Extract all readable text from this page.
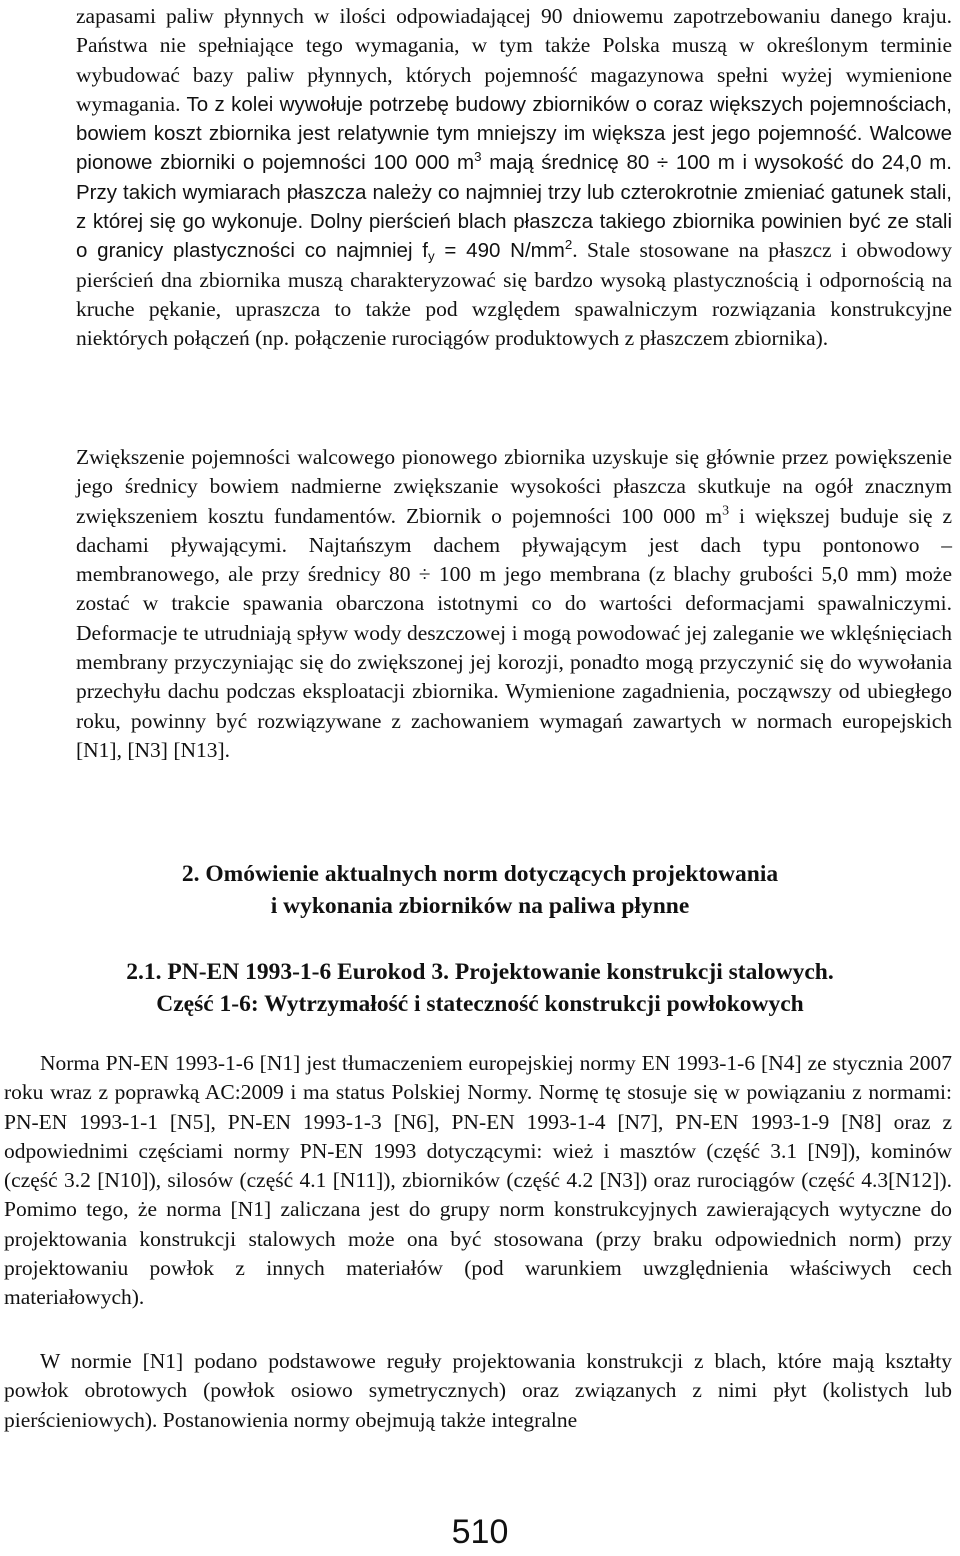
zapasami paliw płynnych w ilości odpowiadającej 90 dniowemu zapotrzebowaniu danego kraju. Państwa nie spełniające tego wymagania, w tym także Polska muszą w określonym terminie wybudować bazy paliw płynnych, których pojemność magazynowa spełni wyżej wymienione wymagania. To z kolei wywołuje potrzebę budowy zbiorników o coraz większych pojemnościach, bowiem koszt zbiornika jest relatywnie tym mniejszy im większa jest jego pojemność. Walcowe pionowe zbiorniki o pojemności 100 000 $m^3$ mają średnicę 80 ÷ 100 m i wysokość do 24,0 m. Przy takich wymiarach płaszcza należy co najmniej trzy lub czterokrotnie zmieniać gatunek stali, z której się go wykonuje. Dolny pierścień blach płaszcza takiego zbiornika powinien być ze stali o granicy plastyczności co najmniej $f_y = 490$ $N/mm^2$. Stale stosowane na płaszcz i obwodowy pierścień dna zbiornika muszą charakteryzować się bardzo wysoką plastycznością i odpornością na kruche pękanie, upraszcza to także pod względem spawalniczym rozwiązania konstrukcyjne niektórych połączeń (np. połączenie rurociągów produktowych z płaszczem zbiornika).

Zwiększenie pojemności walcowego pionowego zbiornika uzyskuje się głównie przez powiększenie jego średnicy bowiem nadmierne zwiększanie wysokości płaszcza skutkuje na ogół znacznym zwiększeniem kosztu fundamentów. Zbiornik o pojemności 100 000 $m^3$ i większej buduje się z dachami pływającymi. Najtańszym dachem pływającym jest dach typu pontonowo – membranowego, ale przy średnicy 80 ÷ 100 m jego membrana (z blachy grubości 5,0 mm) może zostać w trakcie spawania obarczona istotnymi co do wartości deformacjami spawalniczymi. Deformacje te utrudniają spływ wody deszczowej i mogą powodować jej zaleganie we wklęśnięciach membrany przyczyniając się do zwiększonej jej korozji, ponadto mogą przyczynić się do wywołania przechyłu dachu podczas eksploatacji zbiornika. Wymienione zagadnienia, począwszy od ubiegłego roku, powinny być rozwiązywane z zachowaniem wymagań zawartych w normach europejskich [N1], [N3] [N13].

2. Omówienie aktualnych norm dotyczących projektowania
i wykonania zbiorników na paliwa płynne
2.1. PN-EN 1993-1-6 Eurokod 3. Projektowanie konstrukcji stalowych.
Część 1-6: Wytrzymałość i stateczność konstrukcji powłokowych

Norma PN-EN 1993-1-6 [N1] jest tłumaczeniem europejskiej normy EN 1993-1-6 [N4] ze stycznia 2007 roku wraz z poprawką AC:2009 i ma status Polskiej Normy. Normę tę stosuje się w powiązaniu z normami: PN-EN 1993-1-1 [N5], PN-EN 1993-1-3 [N6], PN-EN 1993-1-4 [N7], PN-EN 1993-1-9 [N8] oraz z odpowiednimi częściami normy PN-EN 1993 dotyczącymi: wież i masztów (część 3.1 [N9]), kominów (część 3.2 [N10]), silosów (część 4.1 [N11]), zbiorników (część 4.2 [N3]) oraz rurociągów (część 4.3[N12]). Pomimo tego, że norma [N1] zaliczana jest do grupy norm konstrukcyjnych zawierających wytyczne do projektowania konstrukcji stalowych może ona być stosowana (przy braku odpowiednich norm) przy projektowaniu powłok z innych materiałów (pod warunkiem uwzględnienia właściwych cech materiałowych).

W normie [N1] podano podstawowe reguły projektowania konstrukcji z blach, które mają kształty powłok obrotowych (powłok osiowo symetrycznych) oraz związanych z nimi płyt (kolistych lub pierścieniowych). Postanowienia normy obejmują także integralne

510
